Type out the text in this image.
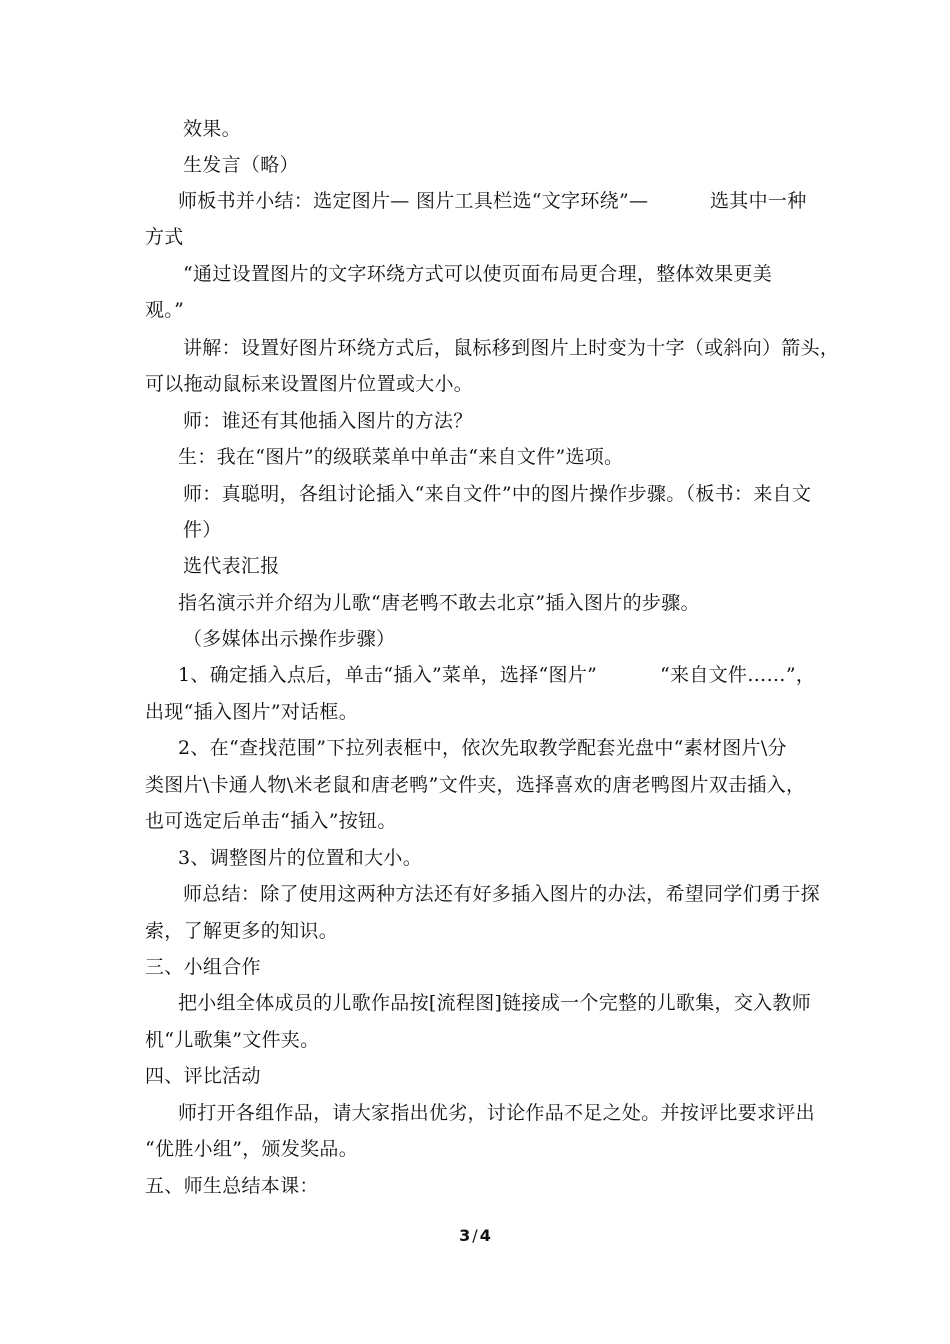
效果。
生发言（略）
师板书并小结：选定图片— 图片工具栏选“文字环绕”—	选其中一种
方式
“通过设置图片的文字环绕方式可以使页面布局更合理，整体效果更美
观。”
讲解：设置好图片环绕方式后，鼠标移到图片上时变为十字（或斜向）箭头，
可以拖动鼠标来设置图片位置或大小。
师：谁还有其他插入图片的方法？
生：我在“图片”的级联菜单中单击“来自文件”选项。
师：真聪明，各组讨论插入“来自文件”中的图片操作步骤。（板书：来自文
件）
选代表汇报
指名演示并介绍为儿歌“唐老鸭不敢去北京”插入图片的步骤。
（多媒体出示操作步骤）
1、确定插入点后，单击“插入”菜单，选择“图片”	“来自文件……”，
出现“插入图片”对话框。
2、在“查找范围”下拉列表框中，依次先取教学配套光盘中“素材图片\分
类图片\卡通人物\米老鼠和唐老鸭”文件夹，选择喜欢的唐老鸭图片双击插入，
也可选定后单击“插入”按钮。
3、调整图片的位置和大小。
师总结：除了使用这两种方法还有好多插入图片的办法，希望同学们勇于探
索，了解更多的知识。
三、小组合作
把小组全体成员的儿歌作品按[流程图]链接成一个完整的儿歌集，交入教师
机“儿歌集”文件夹。
四、评比活动
师打开各组作品，请大家指出优劣，讨论作品不足之处。并按评比要求评出
“优胜小组”，颁发奖品。
五、师生总结本课：
3 / 4
